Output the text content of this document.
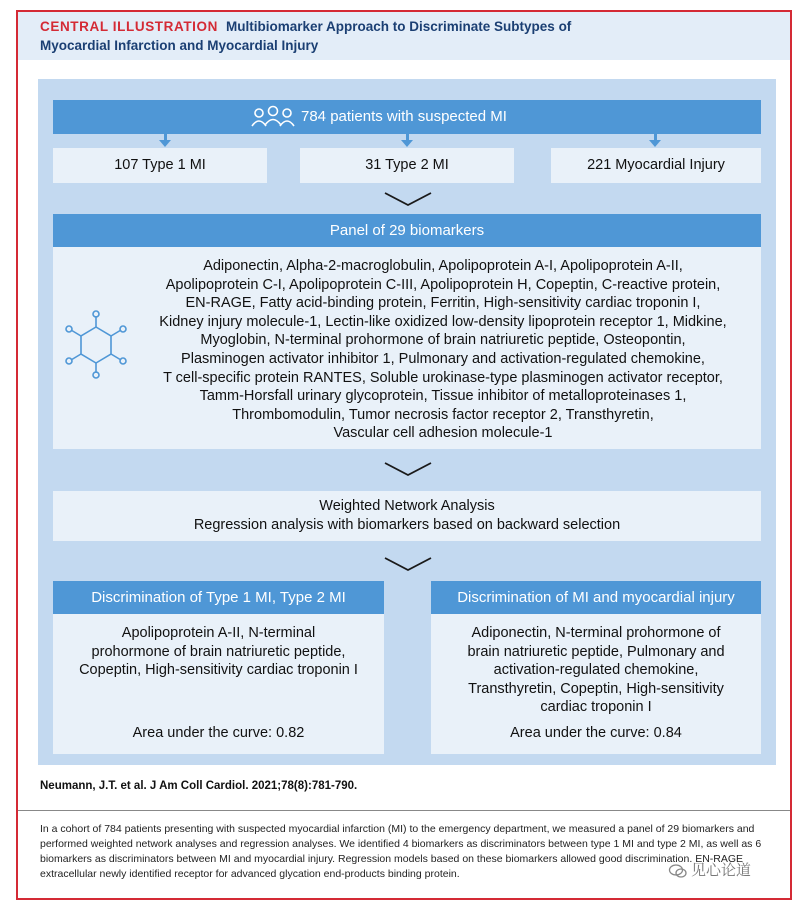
CENTRAL ILLUSTRATION Multibiomarker Approach to Discriminate Subtypes of
Myocardial Infarction and Myocardial Injury
784 patients with suspected MI
107 Type 1 MI	31 Type 2 MI	221 Myocardial Injury
Panel of 29 biomarkers
Adiponectin, Alpha-2-macroglobulin, Apolipoprotein A-I, Apolipoprotein A-II,
Apolipoprotein C-I, Apolipoprotein C-III, Apolipoprotein H, Copeptin, C-reactive protein,
EN-RAGE, Fatty acid-binding protein, Ferritin, High-sensitivity cardiac troponin I,
Kidney injury molecule-1, Lectin-like oxidized low-density lipoprotein receptor 1, Midkine,
Myoglobin, N-terminal prohormone of brain natriuretic peptide, Osteopontin,
Plasminogen activator inhibitor 1, Pulmonary and activation-regulated chemokine,
T cell-specific protein RANTES, Soluble urokinase-type plasminogen activator receptor,
Tamm-Horsfall urinary glycoprotein, Tissue inhibitor of metalloproteinases 1,
Thrombomodulin, Tumor necrosis factor receptor 2, Transthyretin,
Vascular cell adhesion molecule-1
Weighted Network Analysis
Regression analysis with biomarkers based on backward selection
Discrimination of Type 1 MI, Type 2 MI
Apolipoprotein A-II, N-terminal
prohormone of brain natriuretic peptide,
Copeptin, High-sensitivity cardiac troponin I
Area under the curve: 0.82
Discrimination of MI and myocardial injury
Adiponectin, N-terminal prohormone of
brain natriuretic peptide, Pulmonary and
activation-regulated chemokine,
Transthyretin, Copeptin, High-sensitivity
cardiac troponin I
Area under the curve: 0.84
Neumann, J.T. et al. J Am Coll Cardiol. 2021;78(8):781-790.
In a cohort of 784 patients presenting with suspected myocardial infarction (MI) to the emergency department, we measured a panel of 29 biomarkers and
performed weighted network analyses and regression analyses. We identified 4 biomarkers as discriminators between type 1 MI and type 2 MI, as well as 6
biomarkers as discriminators between MI and myocardial injury. Regression models based on these biomarkers allowed good discrimination. EN-RAGE
extracellular newly identified receptor for advanced glycation end-products binding protein.	见心论道
